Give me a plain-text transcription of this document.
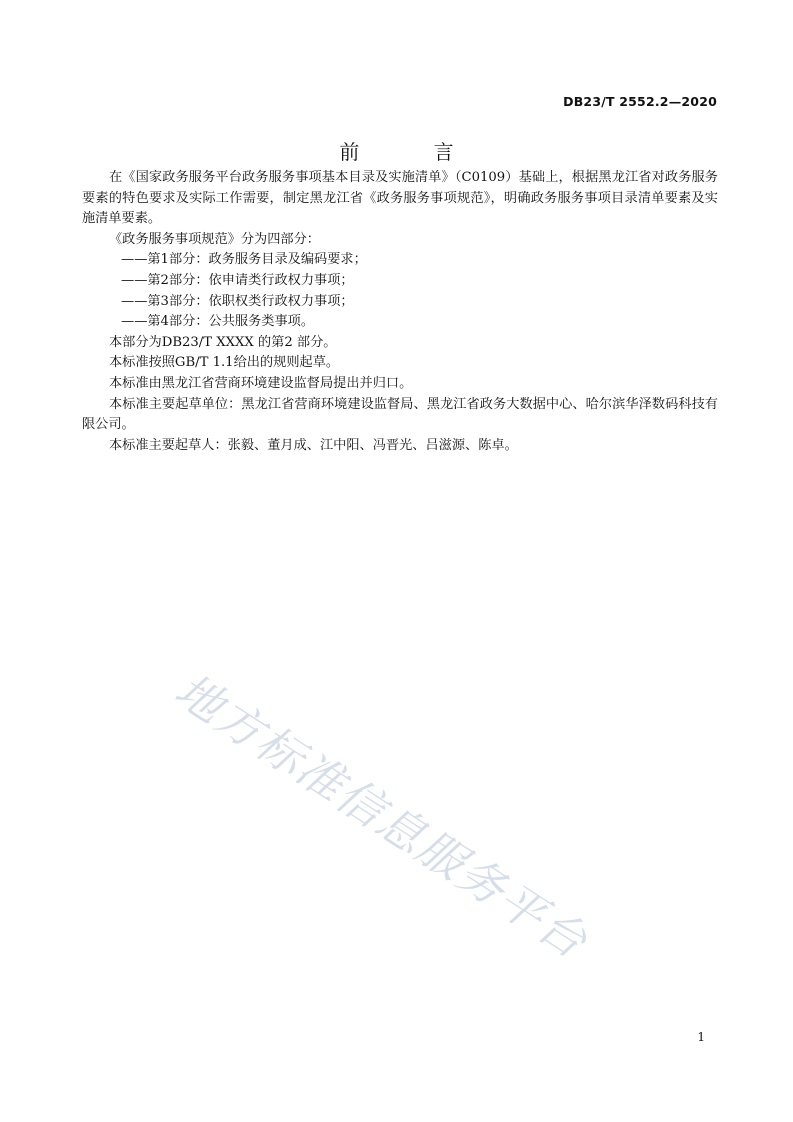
DB23/T 2552.2—2020
前 言

在《国家政务服务平台政务服务事项基本目录及实施清单》（C0109）基础上，根据黑龙江省对政务服务要素的特色要求及实际工作需要，制定黑龙江省《政务服务事项规范》，明确政务服务事项目录清单要素及实施清单要素。

《政务服务事项规范》分为四部分：

——第1部分：政务服务目录及编码要求；

——第2部分：依申请类行政权力事项；

——第3部分：依职权类行政权力事项；

——第4部分：公共服务类事项。

本部分为DB23/T XXXX 的第2 部分。

本标准按照GB/T 1.1给出的规则起草。

本标准由黑龙江省营商环境建设监督局提出并归口。

本标准主要起草单位：黑龙江省营商环境建设监督局、黑龙江省政务大数据中心、哈尔滨华泽数码科技有限公司。

本标准主要起草人：张毅、董月成、江中阳、冯晋光、吕滋源、陈卓。

地方标准信息服务平台
1
